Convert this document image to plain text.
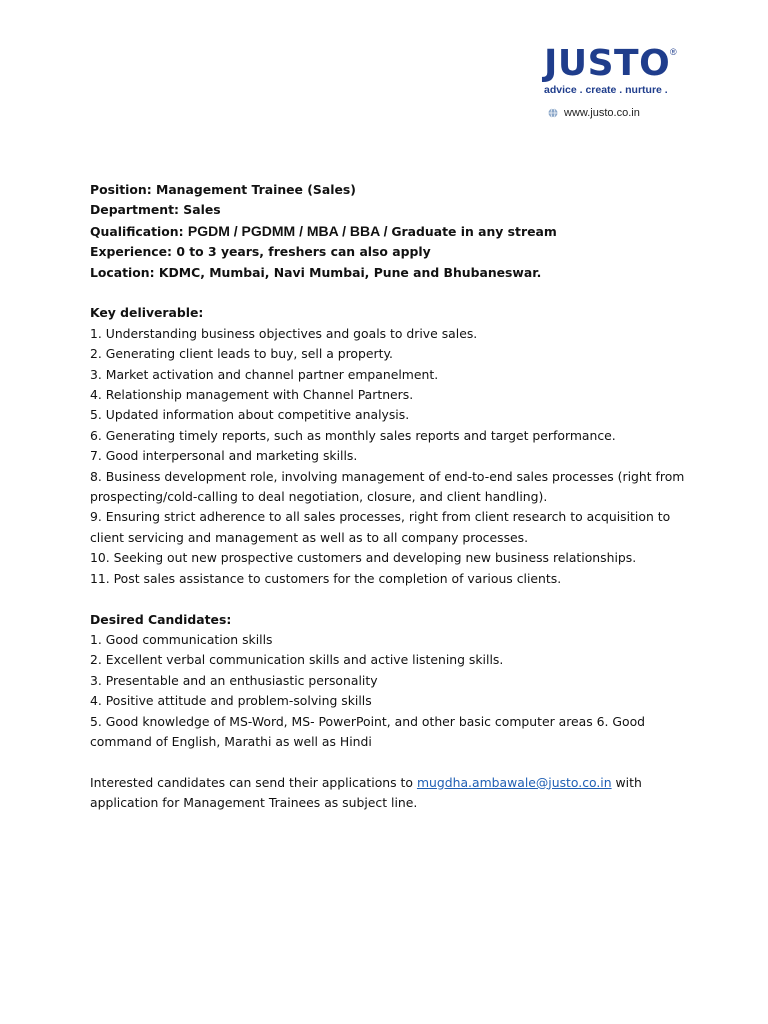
JUSTO ®
advice . create . nurture .
www.justo.co.in
Position: Management Trainee (Sales)
Department: Sales
Qualification: PGDM / PGDMM / MBA / BBA / Graduate in any stream
Experience: 0 to 3 years, freshers can also apply
Location: KDMC, Mumbai, Navi Mumbai, Pune and Bhubaneswar.
Key deliverable:
1. Understanding business objectives and goals to drive sales.
2. Generating client leads to buy, sell a property.
3. Market activation and channel partner empanelment.
4. Relationship management with Channel Partners.
5. Updated information about competitive analysis.
6. Generating timely reports, such as monthly sales reports and target performance.
7. Good interpersonal and marketing skills.
8. Business development role, involving management of end-to-end sales processes (right from
prospecting/cold-calling to deal negotiation, closure, and client handling).
9. Ensuring strict adherence to all sales processes, right from client research to acquisition to
client servicing and management as well as to all company processes.
10. Seeking out new prospective customers and developing new business relationships.
11. Post sales assistance to customers for the completion of various clients.
Desired Candidates:
1. Good communication skills
2. Excellent verbal communication skills and active listening skills.
3. Presentable and an enthusiastic personality
4. Positive attitude and problem-solving skills
5. Good knowledge of MS-Word, MS- PowerPoint, and other basic computer areas 6. Good
command of English, Marathi as well as Hindi
Interested candidates can send their applications to mugdha.ambawale@justo.co.in with
application for Management Trainees as subject line.
